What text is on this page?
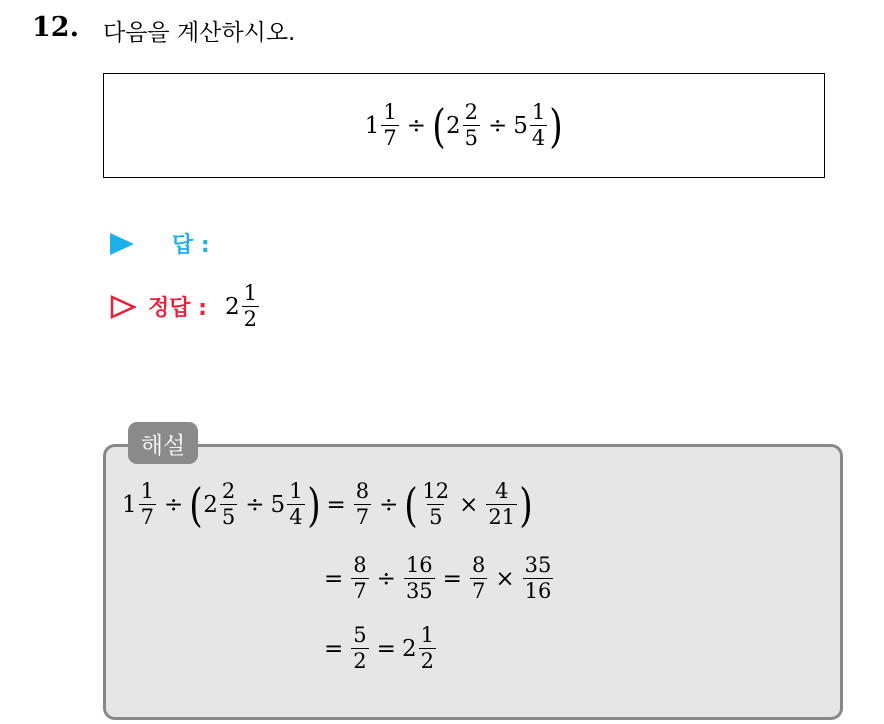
12. 다음을 계산하시오.
$1 \frac{1}{7}$ ÷ ( $2 \frac{2}{5} \div 5 \frac{1}{4}$ )
답 :
정답 : $2 \frac{1}{2}$
해설
$1 \frac{1}{7}$ ÷ ( $2 \frac{2}{5} \div 5 \frac{1}{4}$ ) = $\frac{8}{7}$ ÷ ( $\frac{12}{5} \times \frac{4}{21}$ )
= $\frac{8}{7} \div \frac{16}{35} = \frac{8}{7} \times \frac{35}{16}$
= $\frac{5}{2} = 2 \frac{1}{2}$
